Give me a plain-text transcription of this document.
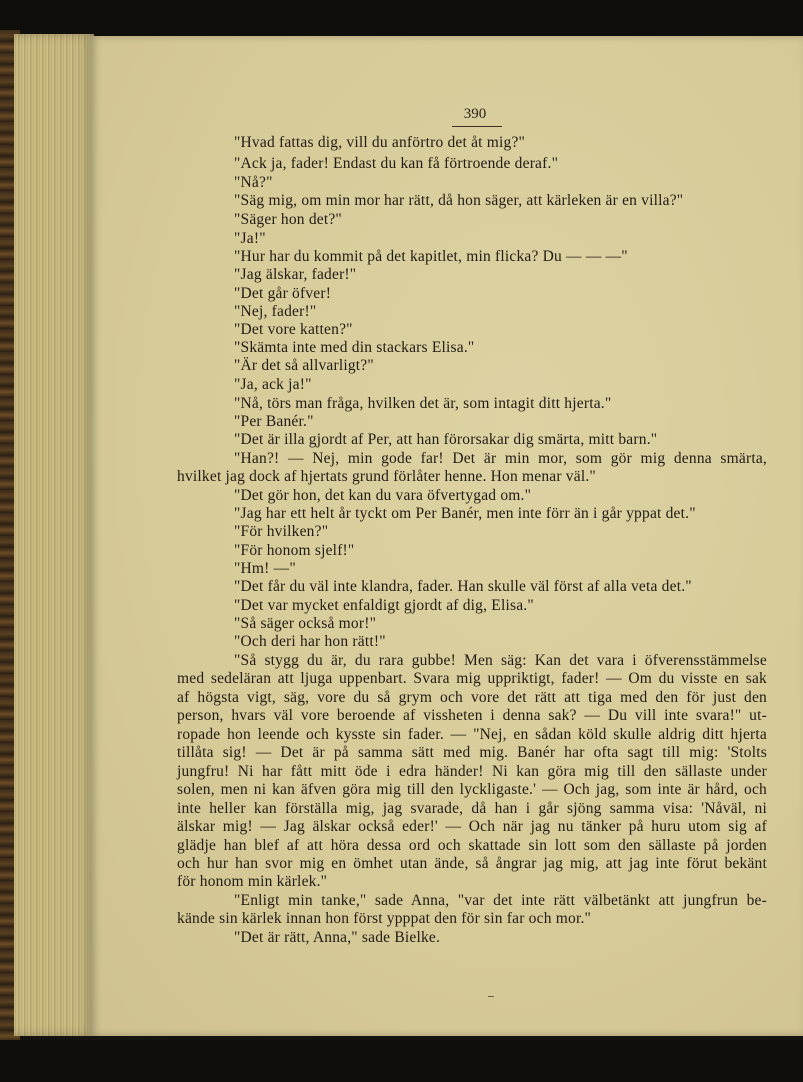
390
"Hvad fattas dig, vill du anförtro det åt mig?"
"Ack ja, fader! Endast du kan få förtroende deraf."
"Nå?"
"Säg mig, om min mor har rätt, då hon säger, att kärleken är en villa?"
"Säger hon det?"
"Ja!"
"Hur har du kommit på det kapitlet, min flicka? Du — — —"
"Jag älskar, fader!"
"Det går öfver!
"Nej, fader!"
"Det vore katten?"
"Skämta inte med din stackars Elisa."
"Är det så allvarligt?"
"Ja, ack ja!"
"Nå, törs man fråga, hvilken det är, som intagit ditt hjerta."
"Per Banér."
"Det är illa gjordt af Per, att han förorsakar dig smärta, mitt barn."
"Han?! — Nej, min gode far! Det är min mor, som gör mig denna smärta,
hvilket jag dock af hjertats grund förlåter henne. Hon menar väl."
"Det gör hon, det kan du vara öfvertygad om."
"Jag har ett helt år tyckt om Per Banér, men inte förr än i går yppat det."
"För hvilken?"
"För honom sjelf!"
"Hm! —"
"Det får du väl inte klandra, fader. Han skulle väl först af alla veta det."
"Det var mycket enfaldigt gjordt af dig, Elisa."
"Så säger också mor!"
"Och deri har hon rätt!"
"Så stygg du är, du rara gubbe! Men säg: Kan det vara i öfverensstämmelse
med sedeläran att ljuga uppenbart. Svara mig uppriktigt, fader! — Om du visste en sak
af högsta vigt, säg, vore du så grym och vore det rätt att tiga med den för just den
person, hvars väl vore beroende af vissheten i denna sak? — Du vill inte svara!" ut-
ropade hon leende och kysste sin fader. — "Nej, en sådan köld skulle aldrig ditt hjerta
tillåta sig! — Det är på samma sätt med mig. Banér har ofta sagt till mig: 'Stolts
jungfru! Ni har fått mitt öde i edra händer! Ni kan göra mig till den sällaste under
solen, men ni kan äfven göra mig till den lyckligaste.' — Och jag, som inte är hård, och
inte heller kan förställa mig, jag svarade, då han i går sjöng samma visa: 'Nåväl, ni
älskar mig! — Jag älskar också eder!' — Och när jag nu tänker på huru utom sig af
glädje han blef af att höra dessa ord och skattade sin lott som den sällaste på jorden
och hur han svor mig en ömhet utan ände, så ångrar jag mig, att jag inte förut bekänt
för honom min kärlek."
"Enligt min tanke," sade Anna, "var det inte rätt välbetänkt att jungfrun be-
kände sin kärlek innan hon först ypppat den för sin far och mor."
"Det är rätt, Anna," sade Bielke.
